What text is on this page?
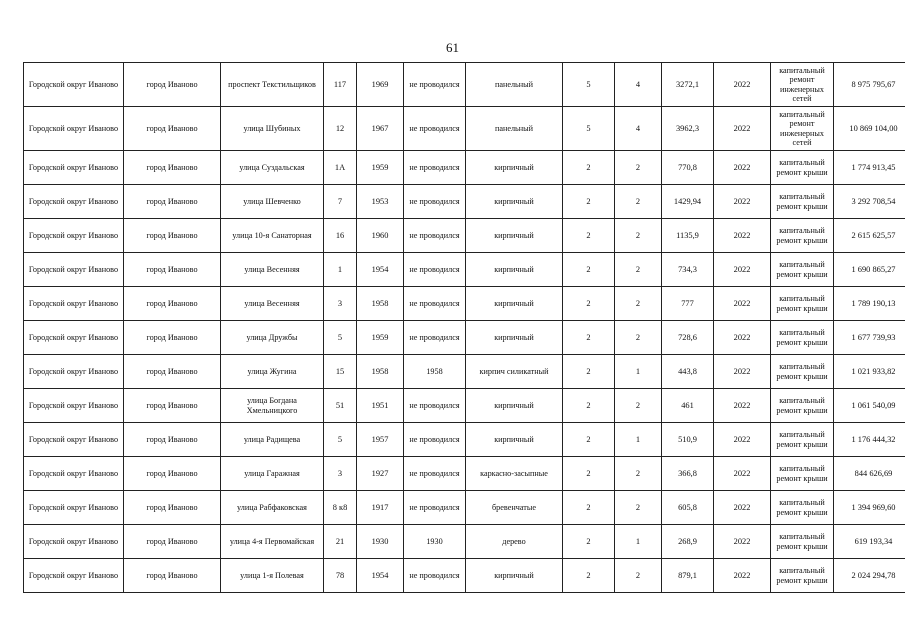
61
Городской округ Иваново	город Иваново	проспект Текстильщиков	117	1969	не проводился	панельный	5	4	3272,1	2022	капитальный ремонт инженерных сетей	8 975 795,67
Городской округ Иваново	город Иваново	улица Шубиных	12	1967	не проводился	панельный	5	4	3962,3	2022	капитальный ремонт инженерных сетей	10 869 104,00
Городской округ Иваново	город Иваново	улица Суздальская	1А	1959	не проводился	кирпичный	2	2	770,8	2022	капитальный ремонт крыши	1 774 913,45
Городской округ Иваново	город Иваново	улица Шевченко	7	1953	не проводился	кирпичный	2	2	1429,94	2022	капитальный ремонт крыши	3 292 708,54
Городской округ Иваново	город Иваново	улица 10-я Санаторная	16	1960	не проводился	кирпичный	2	2	1135,9	2022	капитальный ремонт крыши	2 615 625,57
Городской округ Иваново	город Иваново	улица Весенняя	1	1954	не проводился	кирпичный	2	2	734,3	2022	капитальный ремонт крыши	1 690 865,27
Городской округ Иваново	город Иваново	улица Весенняя	3	1958	не проводился	кирпичный	2	2	777	2022	капитальный ремонт крыши	1 789 190,13
Городской округ Иваново	город Иваново	улица Дружбы	5	1959	не проводился	кирпичный	2	2	728,6	2022	капитальный ремонт крыши	1 677 739,93
Городской округ Иваново	город Иваново	улица Жугина	15	1958	1958	кирпич силикатный	2	1	443,8	2022	капитальный ремонт крыши	1 021 933,82
Городской округ Иваново	город Иваново	улица Богдана Хмельницкого	51	1951	не проводился	кирпичный	2	2	461	2022	капитальный ремонт крыши	1 061 540,09
Городской округ Иваново	город Иваново	улица Радищева	5	1957	не проводился	кирпичный	2	1	510,9	2022	капитальный ремонт крыши	1 176 444,32
Городской округ Иваново	город Иваново	улица Гаражная	3	1927	не проводился	каркасно-засыпные	2	2	366,8	2022	капитальный ремонт крыши	844 626,69
Городской округ Иваново	город Иваново	улица Рабфаковская	8 к8	1917	не проводился	бревенчатые	2	2	605,8	2022	капитальный ремонт крыши	1 394 969,60
Городской округ Иваново	город Иваново	улица 4-я Первомайская	21	1930	1930	дерево	2	1	268,9	2022	капитальный ремонт крыши	619 193,34
Городской округ Иваново	город Иваново	улица 1-я Полевая	78	1954	не проводился	кирпичный	2	2	879,1	2022	капитальный ремонт крыши	2 024 294,78
